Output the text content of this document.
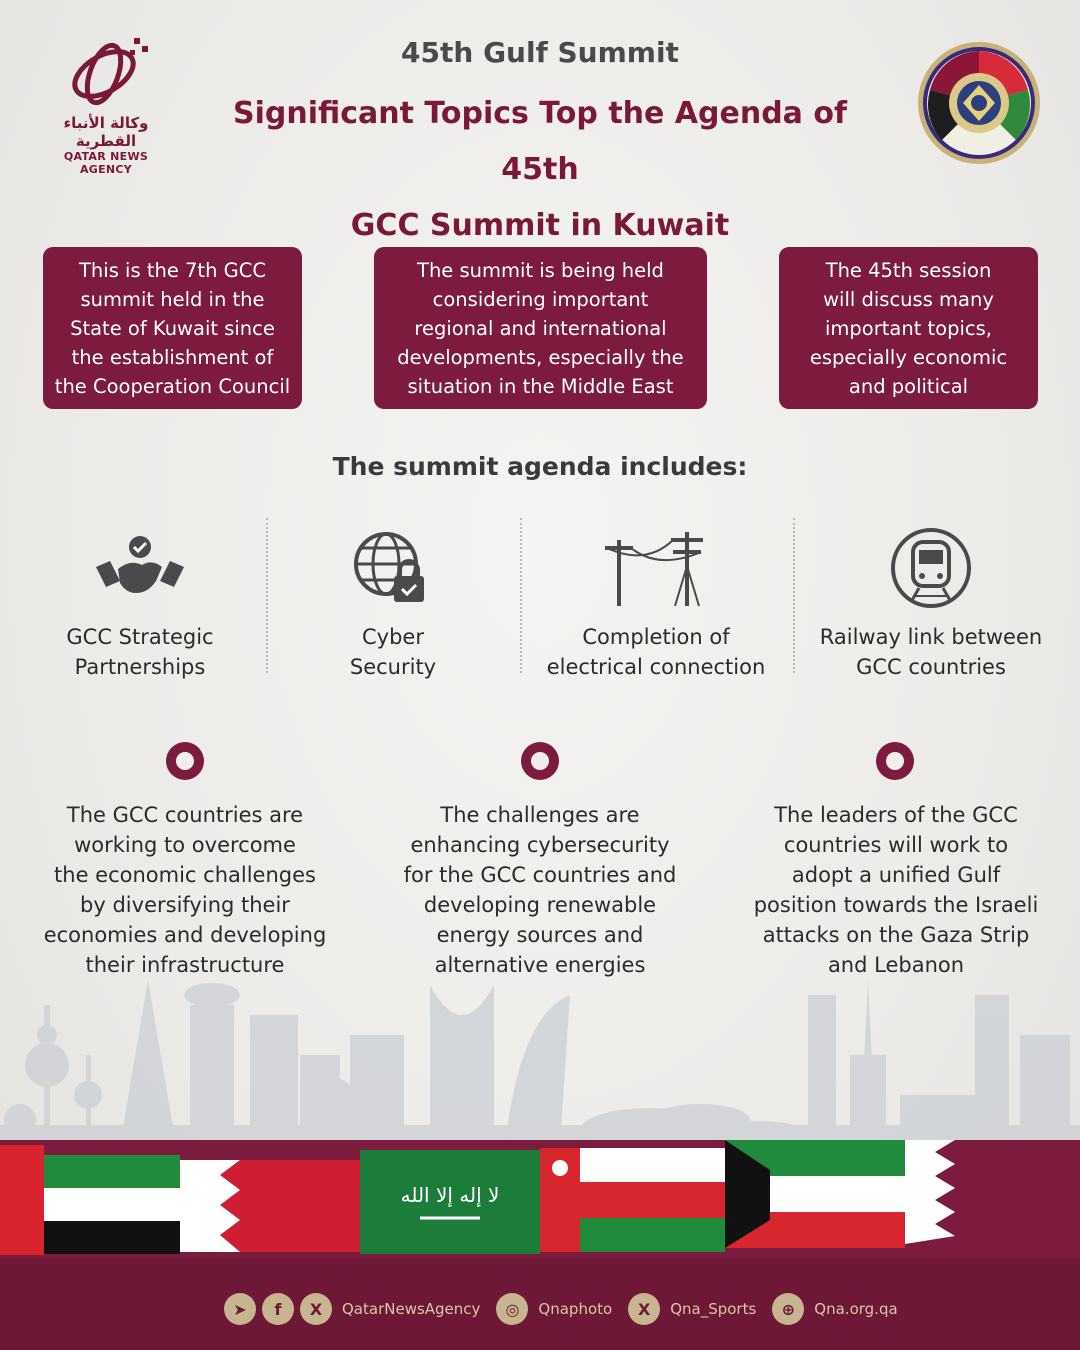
وكالة الأنباء القطرية
QATAR NEWS AGENCY
45th Gulf Summit
Significant Topics Top the Agenda of 45th
GCC Summit in Kuwait
This is the 7th GCC
summit held in the
State of Kuwait since
the establishment of
the Cooperation Council
The summit is being held
considering important
regional and international
developments, especially the
situation in the Middle East
The 45th session
will discuss many
important topics,
especially economic
and political
The summit agenda includes:
GCC Strategic
Partnerships
Cyber
Security
Completion of
electrical connection
Railway link between
GCC countries
The GCC countries are
working to overcome
the economic challenges
by diversifying their
economies and developing
their infrastructure
The challenges are
enhancing cybersecurity
for the GCC countries and
developing renewable
energy sources and
alternative energies
The leaders of the GCC
countries will work to
adopt a unified Gulf
position towards the Israeli
attacks on the Gaza Strip
and Lebanon
لا إله إلا الله
➤	f	X	QatarNewsAgency	◎	Qnaphoto	X	Qna_Sports	⊕	Qna.org.qa
